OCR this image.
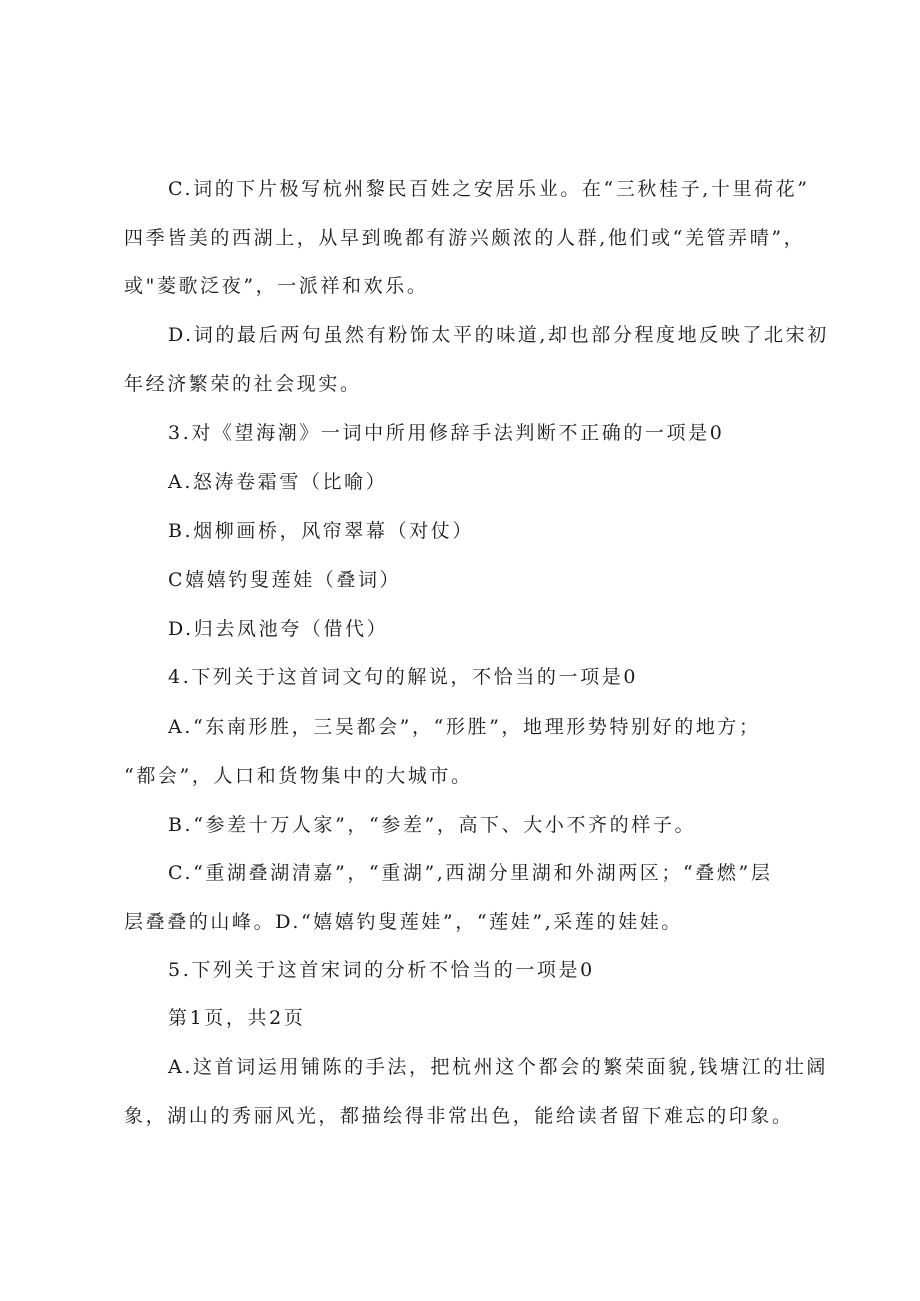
C.词的下片极写杭州黎民百姓之安居乐业。在“三秋桂子,十里荷花”
四季皆美的西湖上，从早到晚都有游兴颇浓的人群,他们或“羌管弄晴”，
或"菱歌泛夜”，一派祥和欢乐。
D.词的最后两句虽然有粉饰太平的味道,却也部分程度地反映了北宋初
年经济繁荣的社会现实。
3.对《望海潮》一词中所用修辞手法判断不正确的一项是0
A.怒涛卷霜雪（比喻）
B.烟柳画桥，风帘翠幕（对仗）
C嬉嬉钓叟莲娃（叠词）
D.归去凤池夸（借代）
4.下列关于这首词文句的解说，不恰当的一项是0
A.“东南形胜，三吴都会”，“形胜”，地理形势特别好的地方；
“都会”，人口和货物集中的大城市。
B.“参差十万人家”，“参差”，高下、大小不齐的样子。
C.“重湖叠湖清嘉”，“重湖”,西湖分里湖和外湖两区；“叠燃”层
层叠叠的山峰。D.“嬉嬉钓叟莲娃”，“莲娃”,采莲的娃娃。
5.下列关于这首宋词的分析不恰当的一项是0
第1页，共2页
A.这首词运用铺陈的手法，把杭州这个都会的繁荣面貌,钱塘江的壮阔
象，湖山的秀丽风光，都描绘得非常出色，能给读者留下难忘的印象。
